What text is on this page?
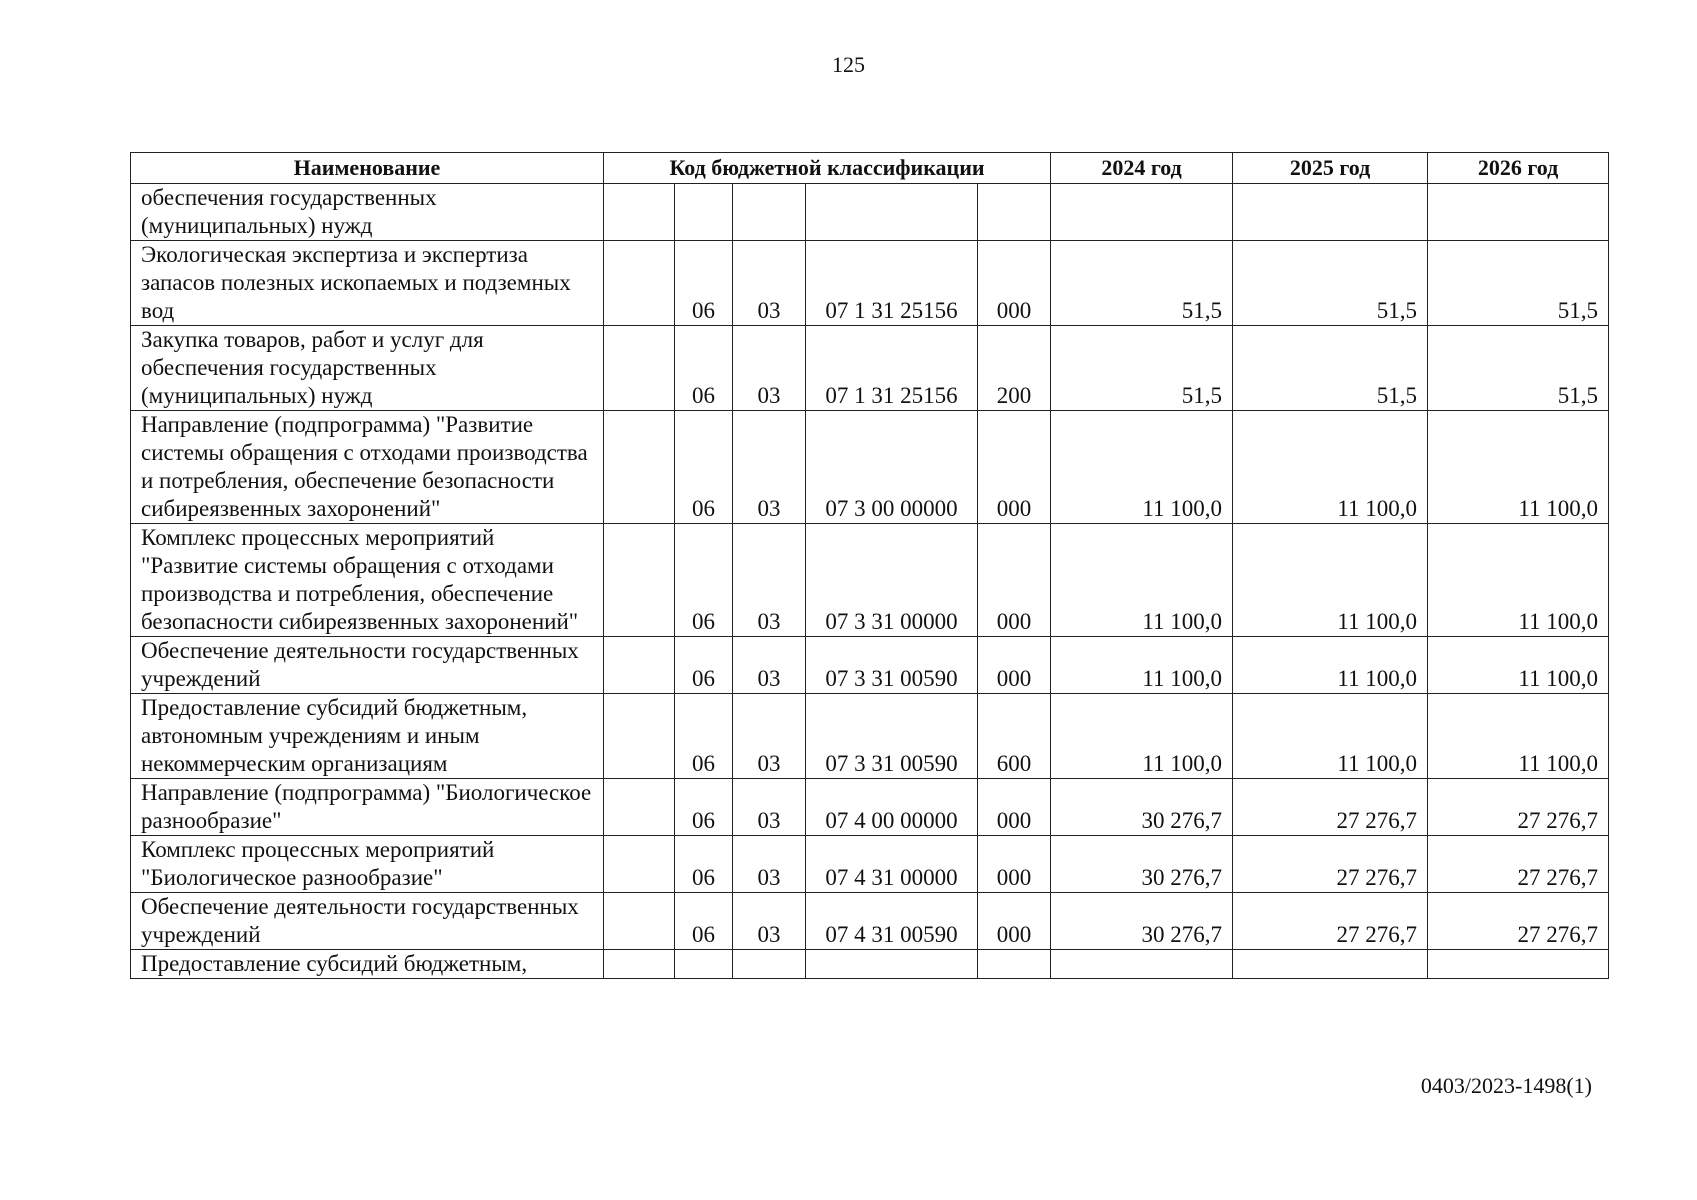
125
Наименование	Код бюджетной классификации					2024 год	2025 год	2026 год
обеспечения государственных (муниципальных) нужд								
Экологическая экспертиза и экспертиза запасов полезных ископаемых и подземных вод		06	03	07 1 31 25156	000	51,5	51,5	51,5
Закупка товаров, работ и услуг для обеспечения государственных (муниципальных) нужд		06	03	07 1 31 25156	200	51,5	51,5	51,5
Направление (подпрограмма) "Развитие системы обращения с отходами производства и потребления, обеспечение безопасности сибиреязвенных захоронений"		06	03	07 3 00 00000	000	11 100,0	11 100,0	11 100,0
Комплекс процессных мероприятий "Развитие системы обращения с отходами производства и потребления, обеспечение безопасности сибиреязвенных захоронений"		06	03	07 3 31 00000	000	11 100,0	11 100,0	11 100,0
Обеспечение деятельности государственных учреждений		06	03	07 3 31 00590	000	11 100,0	11 100,0	11 100,0
Предоставление субсидий бюджетным, автономным учреждениям и иным некоммерческим организациям		06	03	07 3 31 00590	600	11 100,0	11 100,0	11 100,0
Направление (подпрограмма) "Биологическое разнообразие"		06	03	07 4 00 00000	000	30 276,7	27 276,7	27 276,7
Комплекс процессных мероприятий "Биологическое разнообразие"		06	03	07 4 31 00000	000	30 276,7	27 276,7	27 276,7
Обеспечение деятельности государственных учреждений		06	03	07 4 31 00590	000	30 276,7	27 276,7	27 276,7
Предоставление субсидий бюджетным,								
0403/2023-1498(1)
